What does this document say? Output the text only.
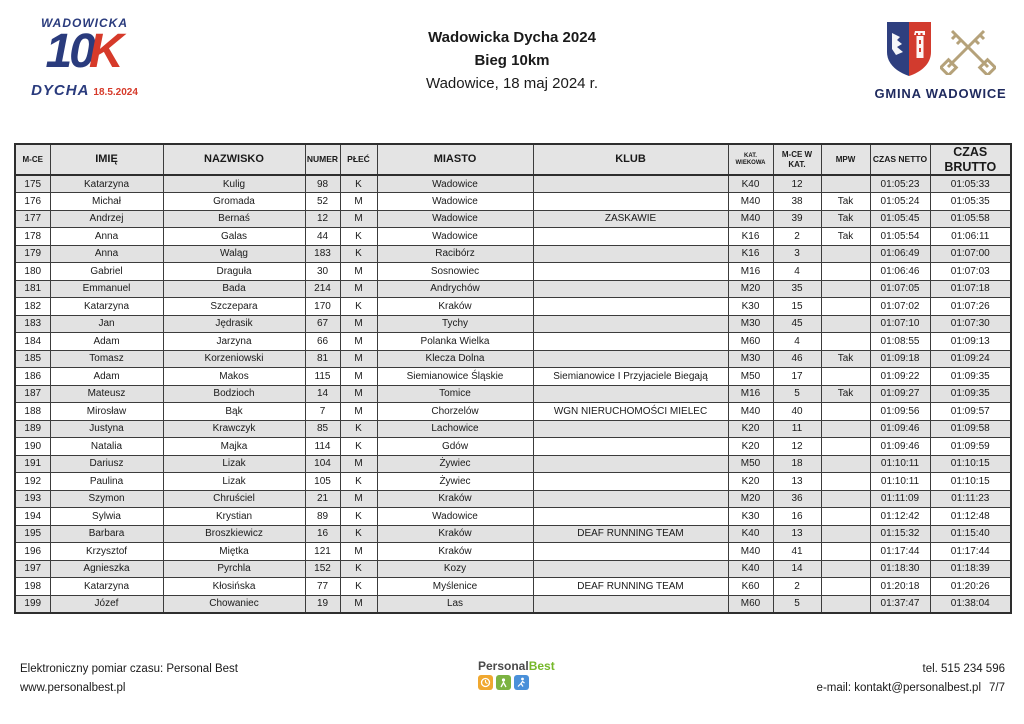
WADOWICKA
10K
DYCHA 18.5.2024
Wadowicka Dycha 2024
Bieg 10km
Wadowice, 18 maj 2024 r.
GMINA WADOWICE
M-CE	IMIĘ	NAZWISKO	NUMER	PŁEĆ	MIASTO	KLUB	KAT. WIEKOWA	M-CE W KAT.	MPW	CZAS NETTO	CZAS BRUTTO
175	Katarzyna	Kulig	98	K	Wadowice		K40	12		01:05:23	01:05:33
176	Michał	Gromada	52	M	Wadowice		M40	38	Tak	01:05:24	01:05:35
177	Andrzej	Bernaś	12	M	Wadowice	ZASKAWIE	M40	39	Tak	01:05:45	01:05:58
178	Anna	Galas	44	K	Wadowice		K16	2	Tak	01:05:54	01:06:11
179	Anna	Waląg	183	K	Racibórz		K16	3		01:06:49	01:07:00
180	Gabriel	Draguła	30	M	Sosnowiec		M16	4		01:06:46	01:07:03
181	Emmanuel	Bada	214	M	Andrychów		M20	35		01:07:05	01:07:18
182	Katarzyna	Szczepara	170	K	Kraków		K30	15		01:07:02	01:07:26
183	Jan	Jędrasik	67	M	Tychy		M30	45		01:07:10	01:07:30
184	Adam	Jarzyna	66	M	Polanka Wielka		M60	4		01:08:55	01:09:13
185	Tomasz	Korzeniowski	81	M	Klecza Dolna		M30	46	Tak	01:09:18	01:09:24
186	Adam	Makos	115	M	Siemianowice Śląskie	Siemianowice I Przyjaciele Biegają	M50	17		01:09:22	01:09:35
187	Mateusz	Bodzioch	14	M	Tomice		M16	5	Tak	01:09:27	01:09:35
188	Mirosław	Bąk	7	M	Chorzelów	WGN NIERUCHOMOŚCI MIELEC	M40	40		01:09:56	01:09:57
189	Justyna	Krawczyk	85	K	Lachowice		K20	11		01:09:46	01:09:58
190	Natalia	Majka	114	K	Gdów		K20	12		01:09:46	01:09:59
191	Dariusz	Lizak	104	M	Żywiec		M50	18		01:10:11	01:10:15
192	Paulina	Lizak	105	K	Żywiec		K20	13		01:10:11	01:10:15
193	Szymon	Chruściel	21	M	Kraków		M20	36		01:11:09	01:11:23
194	Sylwia	Krystian	89	K	Wadowice		K30	16		01:12:42	01:12:48
195	Barbara	Broszkiewicz	16	K	Kraków	DEAF RUNNING TEAM	K40	13		01:15:32	01:15:40
196	Krzysztof	Miętka	121	M	Kraków		M40	41		01:17:44	01:17:44
197	Agnieszka	Pyrchla	152	K	Kozy		K40	14		01:18:30	01:18:39
198	Katarzyna	Kłosińska	77	K	Myślenice	DEAF RUNNING TEAM	K60	2		01:20:18	01:20:26
199	Józef	Chowaniec	19	M	Las		M60	5		01:37:47	01:38:04
Elektroniczny pomiar czasu: Personal Best
www.personalbest.pl
PersonalBest	tel. 515 234 596
e-mail: kontakt@personalbest.pl 7/7
